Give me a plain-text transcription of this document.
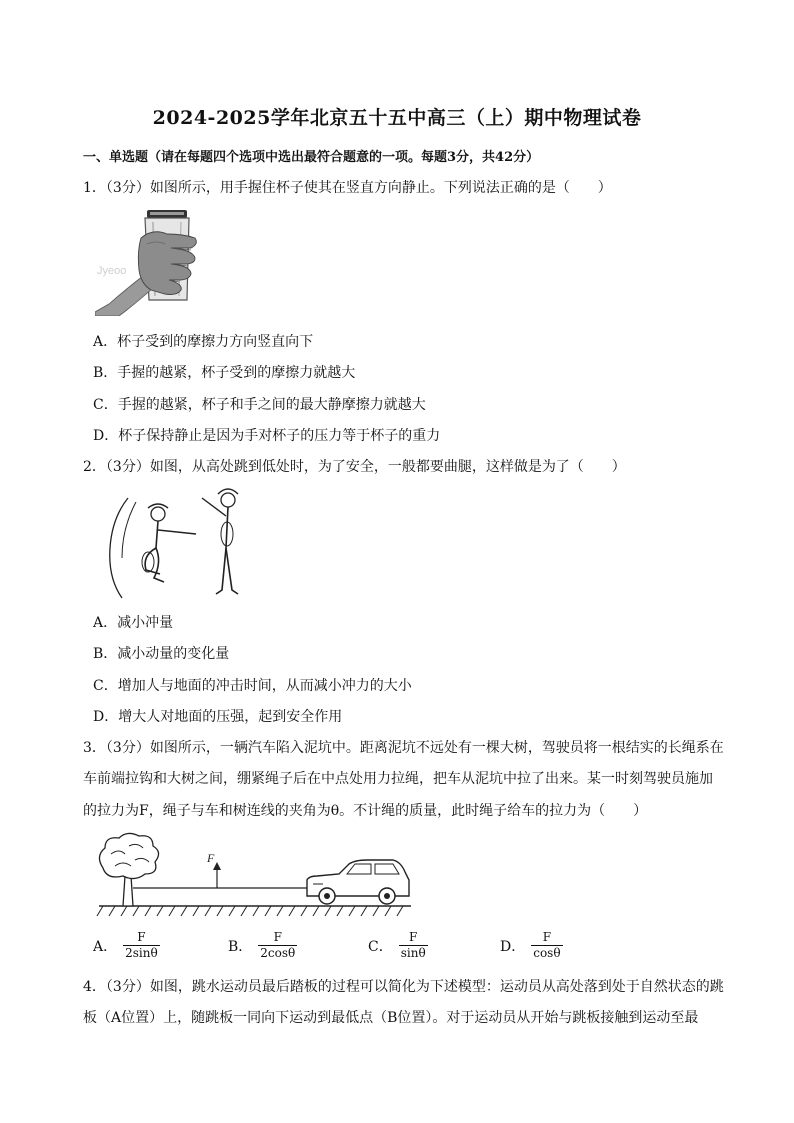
2024-2025学年北京五十五中高三（上）期中物理试卷
一、单选题（请在每题四个选项中选出最符合题意的一项。每题3分，共42分）
1．（3分）如图所示，用手握住杯子使其在竖直方向静止。下列说法正确的是（　　）
Jyeoo
A．杯子受到的摩擦力方向竖直向下
B．手握的越紧，杯子受到的摩擦力就越大
C．手握的越紧，杯子和手之间的最大静摩擦力就越大
D．杯子保持静止是因为手对杯子的压力等于杯子的重力
2．（3分）如图，从高处跳到低处时，为了安全，一般都要曲腿，这样做是为了（　　）
A．减小冲量
B．减小动量的变化量
C．增加人与地面的冲击时间，从而减小冲力的大小
D．增大人对地面的压强，起到安全作用
3．（3分）如图所示，一辆汽车陷入泥坑中。距离泥坑不远处有一棵大树，驾驶员将一根结实的长绳系在
车前端拉钩和大树之间，绷紧绳子后在中点处用力拉绳，把车从泥坑中拉了出来。某一时刻驾驶员施加
的拉力为F，绳子与车和树连线的夹角为θ。不计绳的质量，此时绳子给车的拉力为（　　）
F
A． $\frac{F}{2\sin\theta}$	B． $\frac{F}{2\cos\theta}$	C． $\frac{F}{\sin\theta}$	D． $\frac{F}{\cos\theta}$
4．（3分）如图，跳水运动员最后踏板的过程可以简化为下述模型：运动员从高处落到处于自然状态的跳
板（A位置）上，随跳板一同向下运动到最低点（B位置）。对于运动员从开始与跳板接触到运动至最
